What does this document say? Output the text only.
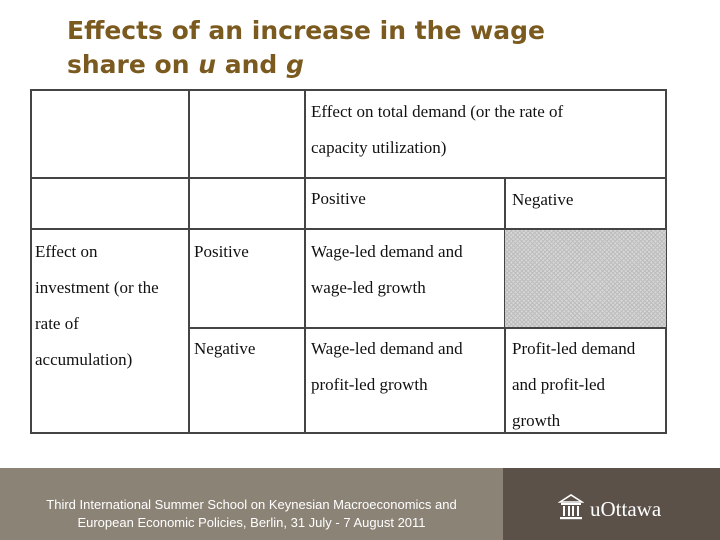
Effects of an increase in the wage
share on u and g
Effect on total demand (or the rate of
capacity utilization)
Positive	Negative
Effect on
investment (or the
rate of
accumulation)
Positive
Negative
Wage-led demand and
wage-led growth
Wage-led demand and
profit-led growth
Profit-led demand
and profit-led
growth
Third International Summer School on Keynesian Macroeconomics and
European Economic Policies, Berlin, 31 July - 7 August 2011
uOttawa
